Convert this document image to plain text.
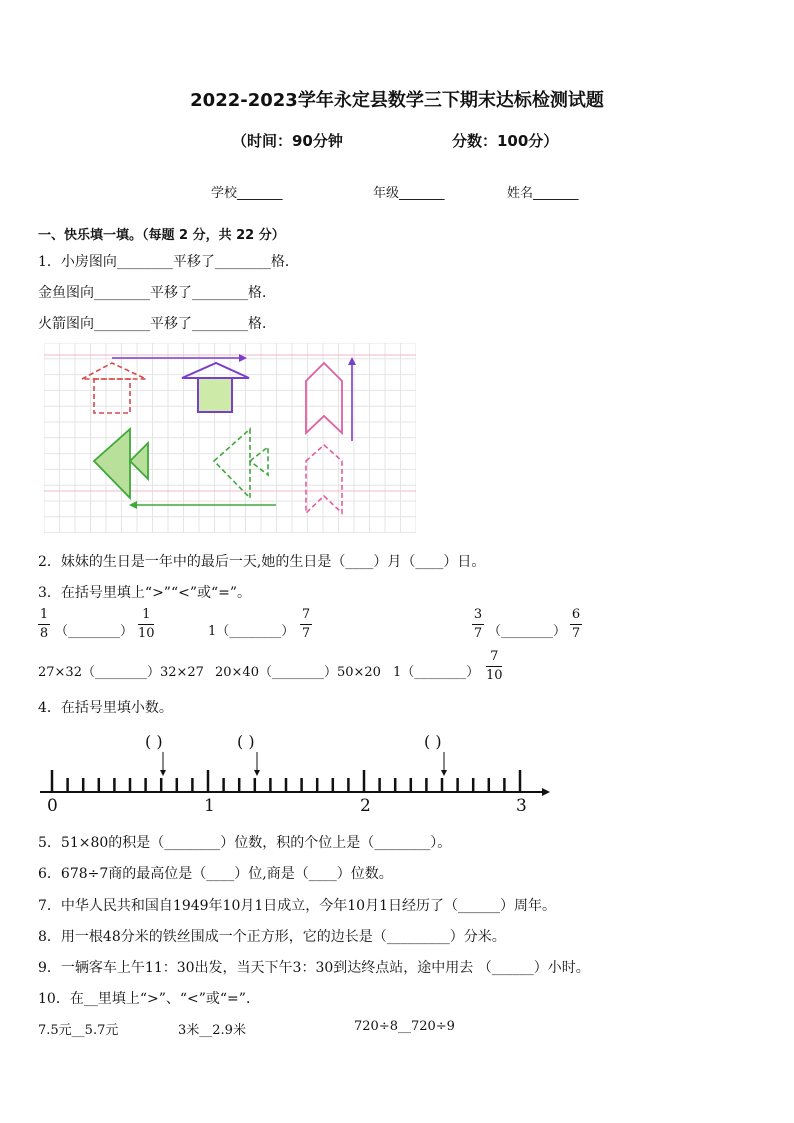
2022-2023学年永定县数学三下期末达标检测试题
（时间：90分钟	分数：100分）
学校_______	年级_______	姓名_______
一、快乐填一填。（每题 2 分，共 22 分）
1．小房图向________平移了________格．
金鱼图向________平移了________格．
火箭图向________平移了________格．
2．妹妹的生日是一年中的最后一天,她的生日是（____）月（____）日。
3．在括号里填上“>”“<”或“=”。
1
8 （________）
1
10	1（________）
7
7
3
7 （________）
6
7
27×32（________）32×27 20×40（________）50×20 1（________）
7
10
4．在括号里填小数。
( )	( )	( )
0	1	2	3
5．51×80的积是（________）位数，积的个位上是（________）。
6．678÷7商的最高位是（____）位,商是（____）位数。
7．中华人民共和国自1949年10月1日成立，今年10月1日经历了（______）周年。
8．用一根48分米的铁丝围成一个正方形，它的边长是（_________）分米。
9．一辆客车上午11：30出发，当天下午3：30到达终点站，途中用去 （______）小时。
10．在__里填上“>”、“<”或“=”．
7.5元__5.7元	3米__2.9米	720÷8__720÷9
